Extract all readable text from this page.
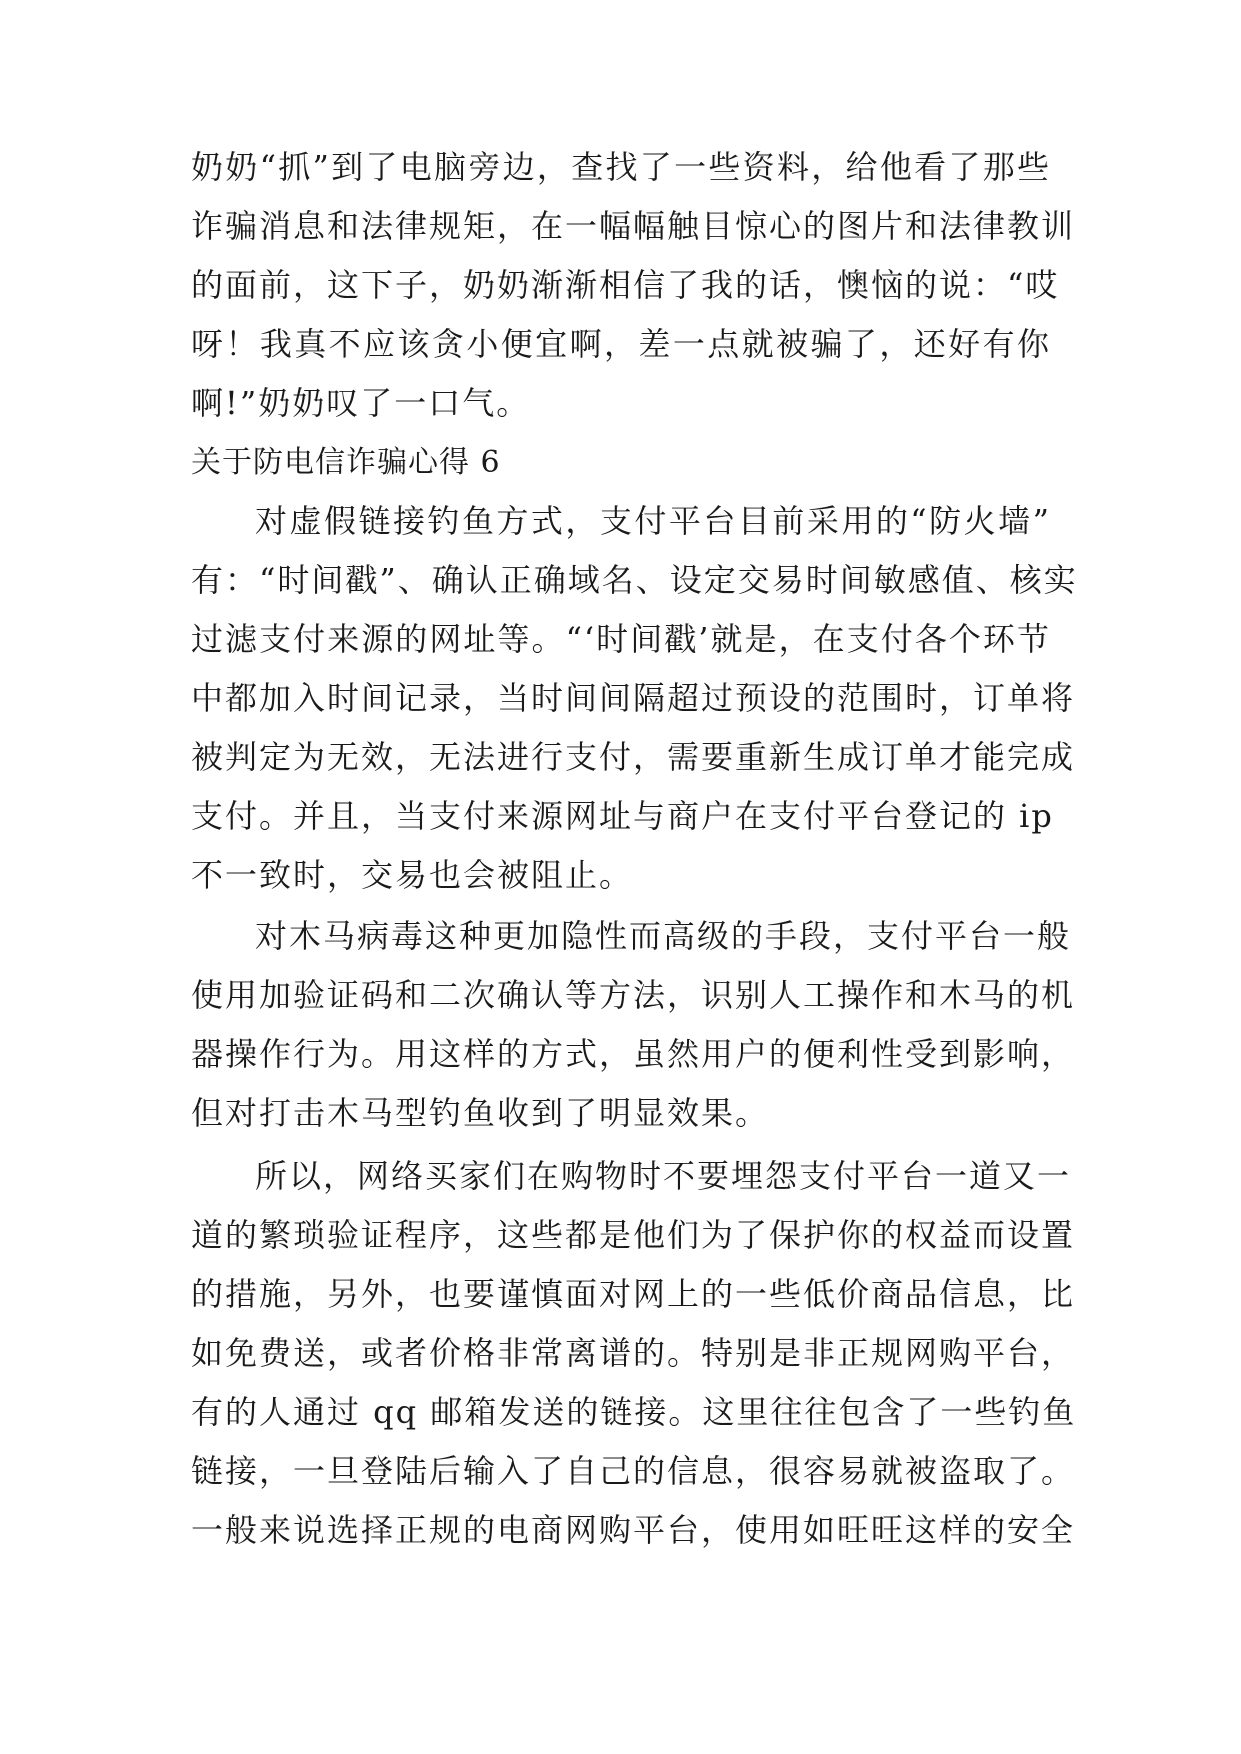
奶奶“抓”到了电脑旁边，查找了一些资料，给他看了那些
诈骗消息和法律规矩，在一幅幅触目惊心的图片和法律教训
的面前，这下子，奶奶渐渐相信了我的话，懊恼的说：“哎
呀！我真不应该贪小便宜啊，差一点就被骗了，还好有你
啊!”奶奶叹了一口气。
关于防电信诈骗心得 6
对虚假链接钓鱼方式，支付平台目前采用的“防火墙”
有：“时间戳”、确认正确域名、设定交易时间敏感值、核实
过滤支付来源的网址等。“‘时间戳’就是，在支付各个环节
中都加入时间记录，当时间间隔超过预设的范围时，订单将
被判定为无效，无法进行支付，需要重新生成订单才能完成
支付。并且，当支付来源网址与商户在支付平台登记的 ip
不一致时，交易也会被阻止。
对木马病毒这种更加隐性而高级的手段，支付平台一般
使用加验证码和二次确认等方法，识别人工操作和木马的机
器操作行为。用这样的方式，虽然用户的便利性受到影响，
但对打击木马型钓鱼收到了明显效果。
所以，网络买家们在购物时不要埋怨支付平台一道又一
道的繁琐验证程序，这些都是他们为了保护你的权益而设置
的措施，另外，也要谨慎面对网上的一些低价商品信息，比
如免费送，或者价格非常离谱的。特别是非正规网购平台，
有的人通过 qq 邮箱发送的链接。这里往往包含了一些钓鱼
链接，一旦登陆后输入了自己的信息，很容易就被盗取了。
一般来说选择正规的电商网购平台，使用如旺旺这样的安全
